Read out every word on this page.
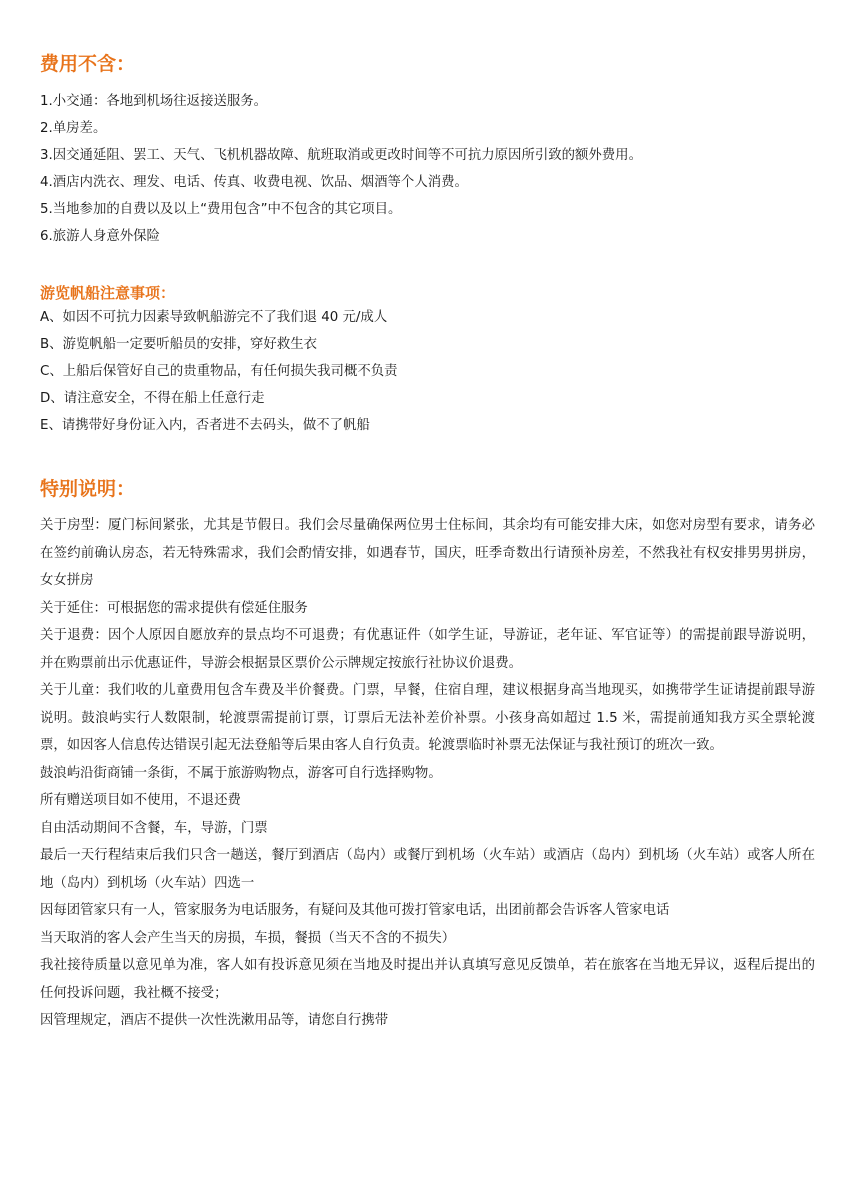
费用不含：

1.小交通：各地到机场往返接送服务。

2.单房差。

3.因交通延阻、罢工、天气、飞机机器故障、航班取消或更改时间等不可抗力原因所引致的额外费用。

4.酒店内洗衣、理发、电话、传真、收费电视、饮品、烟酒等个人消费。

5.当地参加的自费以及以上“费用包含”中不包含的其它项目。

6.旅游人身意外保险

游览帆船注意事项：

A、如因不可抗力因素导致帆船游完不了我们退 40 元/成人

B、游览帆船一定要听船员的安排，穿好救生衣

C、上船后保管好自己的贵重物品，有任何损失我司概不负责

D、请注意安全，不得在船上任意行走

E、请携带好身份证入内，否者进不去码头，做不了帆船

特别说明：

关于房型：厦门标间紧张，尤其是节假日。我们会尽量确保两位男士住标间，其余均有可能安排大床，如您对房型有要求，请务必在签约前确认房态，若无特殊需求，我们会酌情安排，如遇春节，国庆，旺季奇数出行请预补房差，不然我社有权安排男男拼房，女女拼房

关于延住：可根据您的需求提供有偿延住服务

关于退费：因个人原因自愿放弃的景点均不可退费；有优惠证件（如学生证，导游证，老年证、军官证等）的需提前跟导游说明，并在购票前出示优惠证件，导游会根据景区票价公示牌规定按旅行社协议价退费。

关于儿童：我们收的儿童费用包含车费及半价餐费。门票，早餐，住宿自理，建议根据身高当地现买，如携带学生证请提前跟导游说明。鼓浪屿实行人数限制，轮渡票需提前订票，订票后无法补差价补票。小孩身高如超过 1.5 米，需提前通知我方买全票轮渡票，如因客人信息传达错误引起无法登船等后果由客人自行负责。轮渡票临时补票无法保证与我社预订的班次一致。

鼓浪屿沿街商铺一条街，不属于旅游购物点，游客可自行选择购物。

所有赠送项目如不使用，不退还费

自由活动期间不含餐，车，导游，门票

最后一天行程结束后我们只含一趟送，餐厅到酒店（岛内）或餐厅到机场（火车站）或酒店（岛内）到机场（火车站）或客人所在地（岛内）到机场（火车站）四选一

因每团管家只有一人，管家服务为电话服务，有疑问及其他可拨打管家电话，出团前都会告诉客人管家电话

当天取消的客人会产生当天的房损，车损，餐损（当天不含的不损失）

我社接待质量以意见单为准，客人如有投诉意见须在当地及时提出并认真填写意见反馈单，若在旅客在当地无异议，返程后提出的任何投诉问题，我社概不接受；

因管理规定，酒店不提供一次性洗漱用品等，请您自行携带
